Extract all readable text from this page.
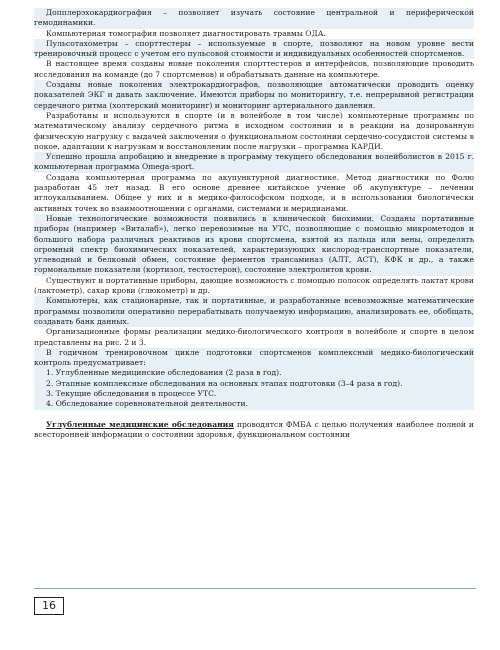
Допплерэхокардиография – позволяет изучать состояние центральной и периферической гемодинамики.

Компьютерная томография позволяет диагностировать травмы ОДА.

Пульсотахометры – спорттестеры – используемые в спорте, позволяют на новом уровне вести тренировочный процесс с учетом его пульсовой стоимости и индивидуальных особенностей спортсменов.

В настоящее время созданы новые поколения спорттестеров и интерфейсов, позволяющие проводить исследования на команде (до 7 спортсменов) и обрабатывать данные на компьютере.

Созданы новые поколения электрокардиографов, позволяющие автоматически проводить оценку показателей ЭКГ и давать заключение. Имеются приборы по мониторингу, т.е. непрерывной регистрации сердечного ритма (холтерский мониторинг) и мониторинг артериального давления.

Разработаны и используются в спорте (и в волейболе в том числе) компьютерные программы по математическому анализу сердечного ритма в исходном состоянии и в реакции на дозированную физическую нагрузку с выдачей заключения о функциональном состоянии сердечно-сосудистой системы в покое, адаптации к нагрузкам и восстановлении после нагрузки – программа КАРДИ.

Успешно прошла апробацию и внедрение в программу текущего обследования волейболистов в 2015 г. компьютерная программа Omega-sport.

Создана компьютерная программа по акупунктурной диагностике. Метод диагностики по Фолю разработан 45 лет назад. В его основе древнее китайское учение об акупунктуре – лечении иглоукалыванием. Общее у них и в медико-философском подходе, и в использовании биологически активных точек во взаимоотношении с органами, системами и меридианами.

Новые технологические возможности появились в клинической биохимии. Созданы портативные приборы (например «Виталаб»), легко перевозимые на УТС, позволяющие с помощью микрометодов и большого набора различных реактивов из крови спортсмена, взятой из пальца или вены, определять огромный спектр биохимических показателей, характеризующих кислород-транспортные показатели, углеводный и белковый обмен, состояние ферментов трансаминаз (АЛТ, АСТ), КФК и др., а также гормональные показатели (кортизол, тестостерон), состояние электролитов крови.

Существуют и портативные приборы, дающие возможность с помощью полосок определять лактат крови (лактометр), сахар крови (глюкометр) и др.

Компьютеры, как стационарные, так и портативные, и разработанные всевозможные математические программы позволили оперативно перерабатывать получаемую информацию, анализировать ее, обобщать, создавать банк данных.

Организационные формы реализации медико-биологического контроля в волейболе и спорте в целом представлены на рис. 2 и 3.

В годичном тренировочном цикле подготовки спортсменов комплексный медико-биологический контроль предусматривает:

1. Углубленные медицинские обследования (2 раза в год).
2. Этапные комплексные обследования на основных этапах подготовки (3–4 раза в год).
3. Текущие обследования в процессе УТС.
4. Обследование соревновательной деятельности.

Углубленные медицинские обследования проводятся ФМБА с целью получения наиболее полной и всесторонней информации о состоянии здоровья, функциональном состоянии

16
